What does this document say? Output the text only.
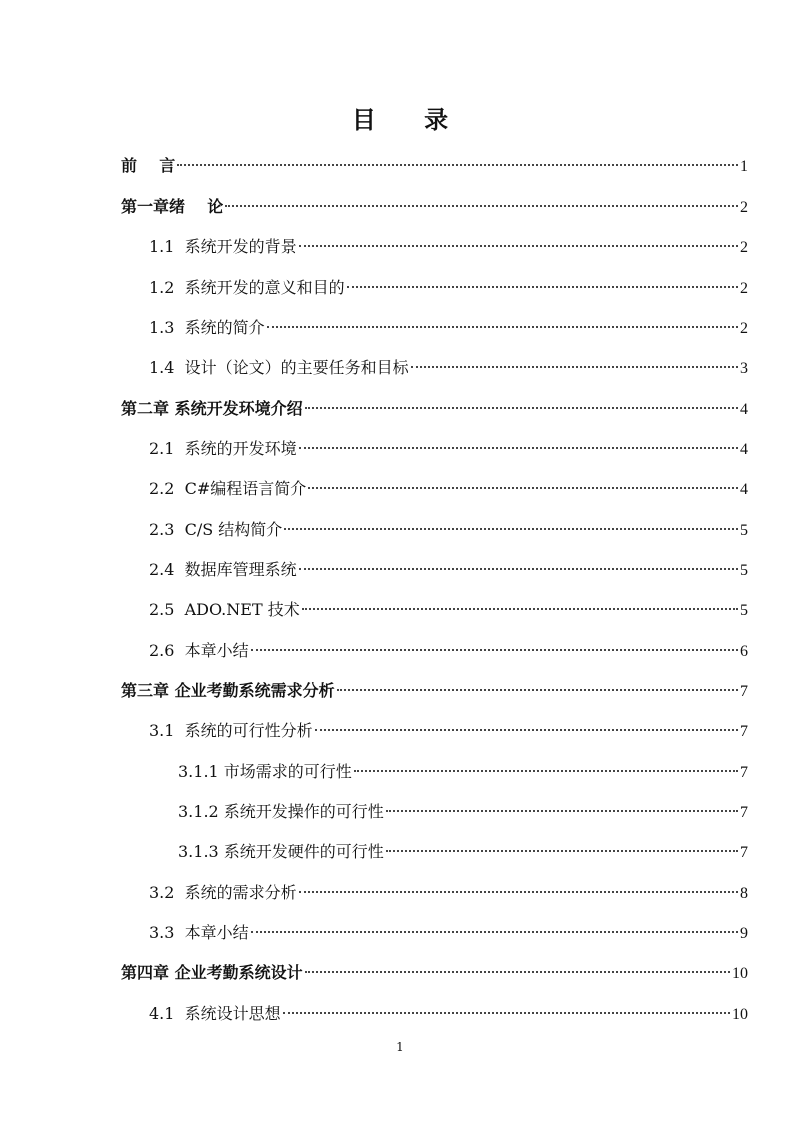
目 录
前    言	1
第一章绪    论	2
1.1  系统开发的背景	2
1.2  系统开发的意义和目的	2
1.3  系统的简介	2
1.4  设计（论文）的主要任务和目标	3
第二章 系统开发环境介绍	4
2.1  系统的开发环境	4
2.2  C#编程语言简介	4
2.3  C/S 结构简介	5
2.4  数据库管理系统	5
2.5  ADO.NET 技术	5
2.6  本章小结	6
第三章 企业考勤系统需求分析	7
3.1  系统的可行性分析	7
3.1.1 市场需求的可行性	7
3.1.2 系统开发操作的可行性	7
3.1.3 系统开发硬件的可行性	7
3.2  系统的需求分析	8
3.3  本章小结	9
第四章 企业考勤系统设计	10
4.1  系统设计思想	10
1
